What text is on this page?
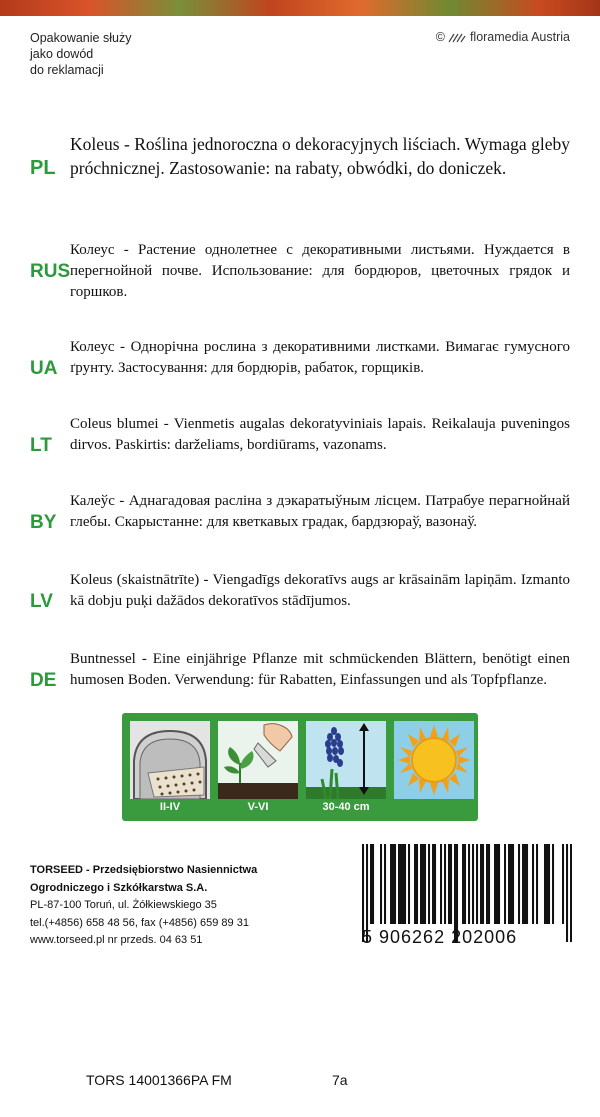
Opakowanie służy
jako dowód
do reklamacji
© floramedia Austria

PL
Koleus - Roślina jednoroczna o dekoracyjnych liściach. Wymaga gleby próchnicznej. Zastosowanie: na rabaty, obwódki, do doniczek.

RUS
Колеус - Растение однолетнее с декоративными листьями. Нуждается в перегнойной почве. Использование: для бордюров, цветочных грядок и горшков.

UA
Колеус - Однорічна рослина з декоративними листками. Вимагає гумусного ґрунту. Застосування: для бордюрів, рабаток, горщиків.

LT
Coleus blumei - Vienmetis augalas dekoratyviniais lapais. Reikalauja puveningos dirvos. Paskirtis: darželiams, bordiūrams, vazonams.

BY
Калеўс - Аднагадовая расліна з дэкаратыўным лісцем. Патрабуе перагнойнай глебы. Скарыстанне: для кветкавых градак, бардзюраў, вазонаў.

LV
Koleus (skaistnātrīte) - Viengadīgs dekoratīvs augs ar krāsainām lapiņām. Izmanto kā dobju puķi dažādos dekoratīvos stādījumos.

DE
Buntnessel - Eine einjährige Pflanze mit schmückenden Blättern, benötigt einen humosen Boden. Verwendung: für Rabatten, Einfassungen und als Topfpflanze.

II-IV	V-VI	30-40 cm
TORSEED - Przedsiębiorstwo Nasiennictwa
Ogrodniczego i Szkółkarstwa S.A.
PL-87-100 Toruń, ul. Żółkiewskiego 35
tel.(+4856) 658 48 56, fax (+4856) 659 89 31
www.torseed.pl nr przeds. 04 63 51	5 906262 202006
TORS 14001366PA FM	7a
